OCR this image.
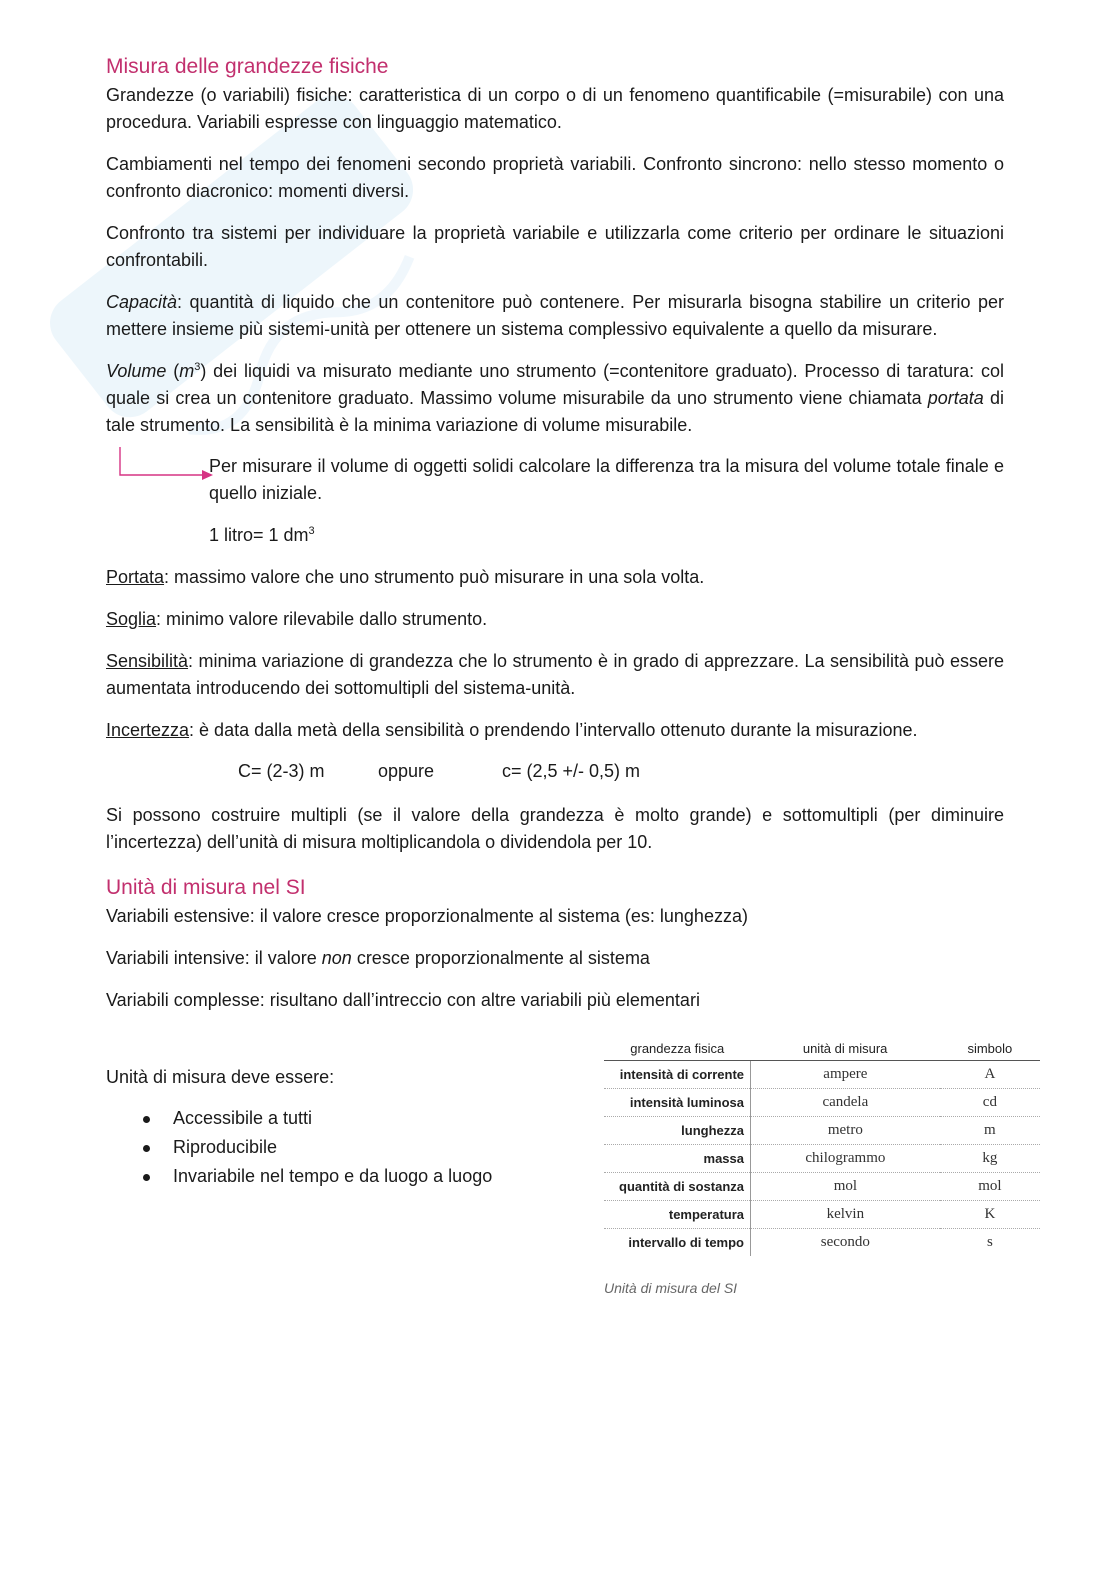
Misura delle grandezze fisiche

Grandezze (o variabili) fisiche: caratteristica di un corpo o di un fenomeno quantificabile (=misurabile) con una procedura. Variabili espresse con linguaggio matematico.

Cambiamenti nel tempo dei fenomeni secondo proprietà variabili. Confronto sincrono: nello stesso momento o confronto diacronico: momenti diversi.

Confronto tra sistemi per individuare la proprietà variabile e utilizzarla come criterio per ordinare le situazioni confrontabili.

Capacità: quantità di liquido che un contenitore può contenere. Per misurarla bisogna stabilire un criterio per mettere insieme più sistemi-unità per ottenere un sistema complessivo equivalente a quello da misurare.

Volume $(m^3)$ dei liquidi va misurato mediante uno strumento (=contenitore graduato). Processo di taratura: col quale si crea un contenitore graduato. Massimo volume misurabile da uno strumento viene chiamata portata di tale strumento. La sensibilità è la minima variazione di volume misurabile.

Per misurare il volume di oggetti solidi calcolare la differenza tra la misura del volume totale finale e quello iniziale.

1 litro= 1 $dm^3$

Portata: massimo valore che uno strumento può misurare in una sola volta.

Soglia: minimo valore rilevabile dallo strumento.

Sensibilità: minima variazione di grandezza che lo strumento è in grado di apprezzare. La sensibilità può essere aumentata introducendo dei sottomultipli del sistema-unità.

Incertezza: è data dalla metà della sensibilità o prendendo l’intervallo ottenuto durante la misurazione.

C= (2-3) m	oppure	c= (2,5 +/- 0,5) m

Si possono costruire multipli (se il valore della grandezza è molto grande) e sottomultipli (per diminuire l’incertezza) dell’unità di misura moltiplicandola o dividendola per 10.

Unità di misura nel SI

Variabili estensive: il valore cresce proporzionalmente al sistema (es: lunghezza)

Variabili intensive: il valore non cresce proporzionalmente al sistema

Variabili complesse: risultano dall’intreccio con altre variabili più elementari

Unità di misura deve essere:

Accessibile a tutti
Riproducibile
Invariabile nel tempo e da luogo a luogo
grandezza fisica	unità di misura	simbolo
intensità di corrente	ampere	A
intensità luminosa	candela	cd
lunghezza	metro	m
massa	chilogrammo	kg
quantità di sostanza	mol	mol
temperatura	kelvin	K
intervallo di tempo	secondo	s
Unità di misura del SI
